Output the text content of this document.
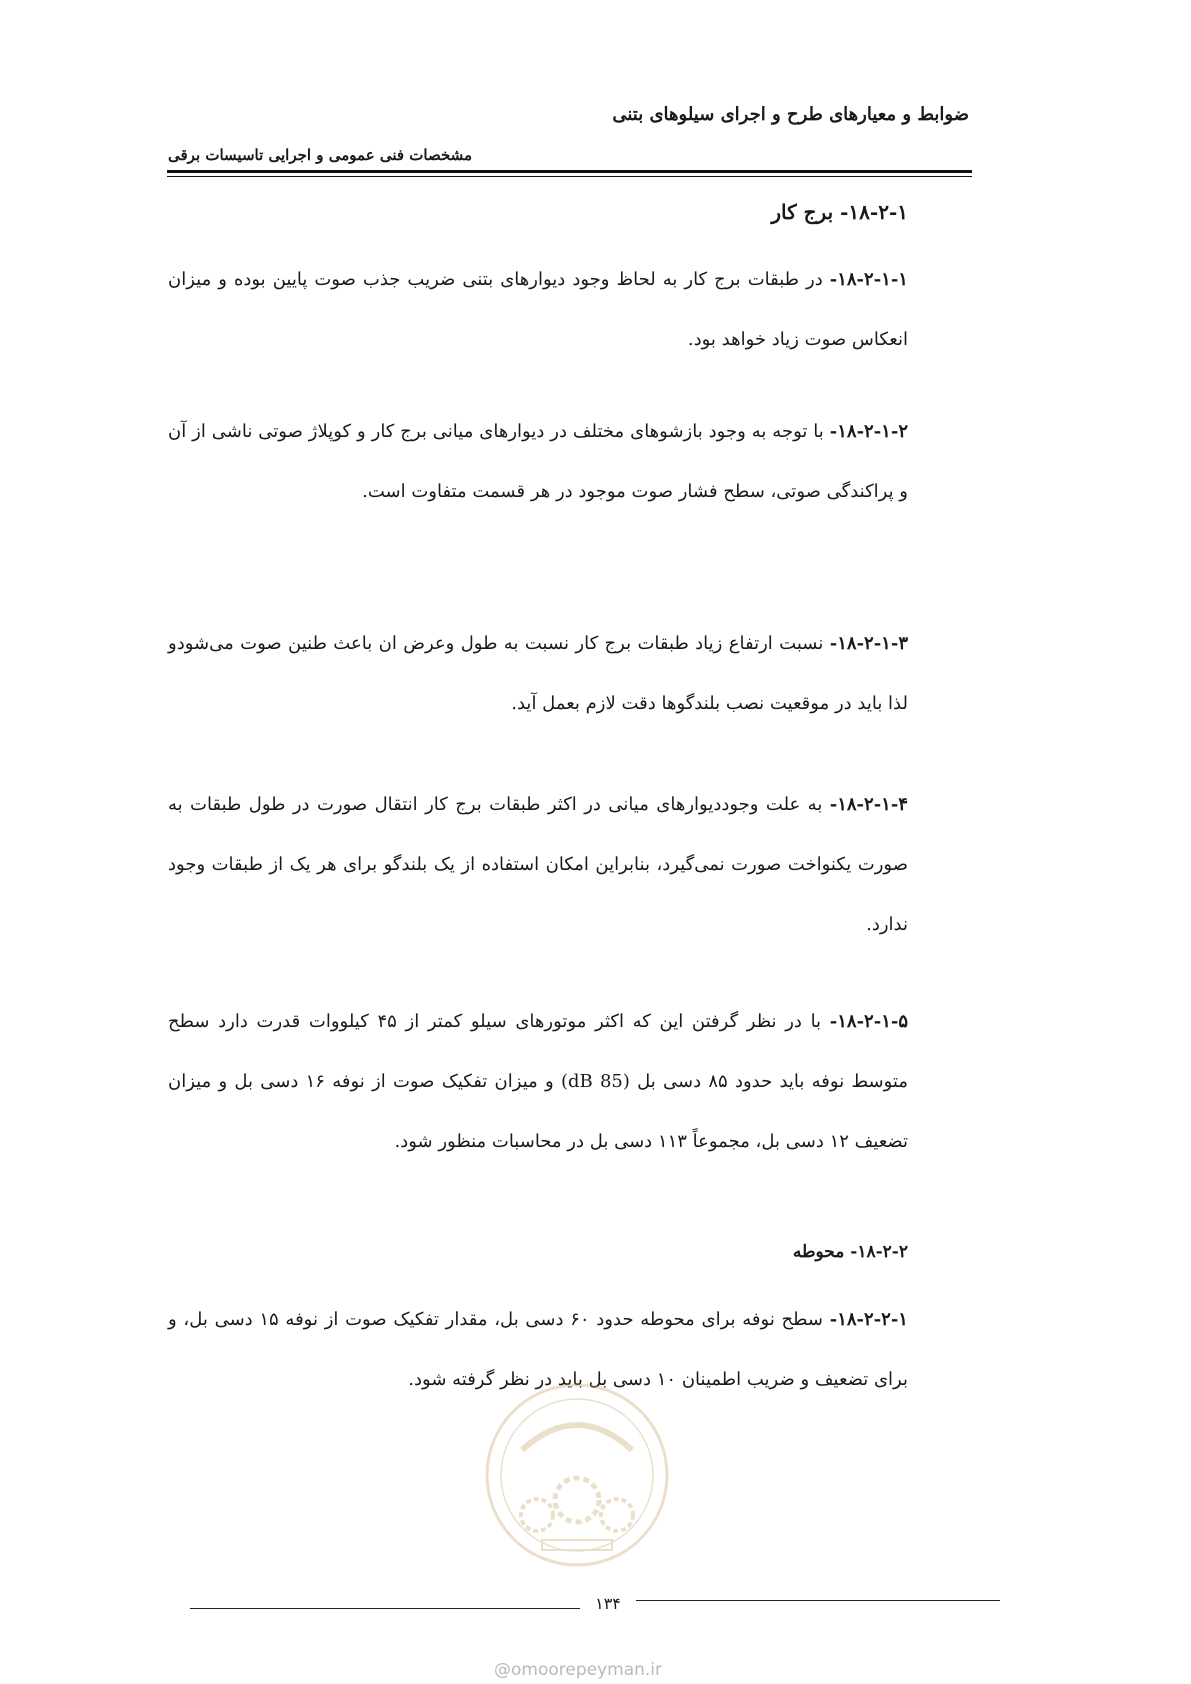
ضوابط و معیارهای طرح و اجرای سیلوهای بتنی
مشخصات فنی عمومی و اجرایی تاسیسات برقی
۱۸-۲-۱- برج کار
۱۸-۲-۱-۱- در طبقات برج کار به لحاظ وجود دیوارهای بتنی ضریب جذب صوت پایین بوده و میزان انعکاس صوت زیاد خواهد بود.
۱۸-۲-۱-۲- با توجه به وجود بازشوهای مختلف در دیوارهای میانی برج کار و کوپلاژ صوتی ناشی از آن و پراکندگی صوتی، سطح فشار صوت موجود در هر قسمت متفاوت است.
۱۸-۲-۱-۳- نسبت ارتفاع زیاد طبقات برج کار نسبت به طول وعرض ان باعث طنین صوت می‌شودو لذا باید در موقعیت نصب بلندگوها دقت لازم بعمل آید.
۱۸-۲-۱-۴- به علت وجوددیوارهای میانی در اکثر طبقات برج کار انتقال صورت در طول طبقات به صورت یکنواخت صورت نمی‌گیرد، بنابراین امکان استفاده از یک بلندگو برای هر یک از طبقات وجود ندارد.
۱۸-۲-۱-۵- با در نظر گرفتن این که اکثر موتورهای سیلو کمتر از ۴۵ کیلووات قدرت دارد سطح متوسط نوفه باید حدود ۸۵ دسی بل (85 dB) و میزان تفکیک صوت از نوفه ۱۶ دسی بل و میزان تضعیف ۱۲ دسی بل، مجموعاً ۱۱۳ دسی بل در محاسبات منظور شود.
۱۸-۲-۲- محوطه
۱۸-۲-۲-۱- سطح نوفه برای محوطه حدود ۶۰ دسی بل، مقدار تفکیک صوت از نوفه ۱۵ دسی بل، و برای تضعیف و ضریب اطمینان ۱۰ دسی بل باید در نظر گرفته شود.
۱۳۴
@omoorepeyman.ir
